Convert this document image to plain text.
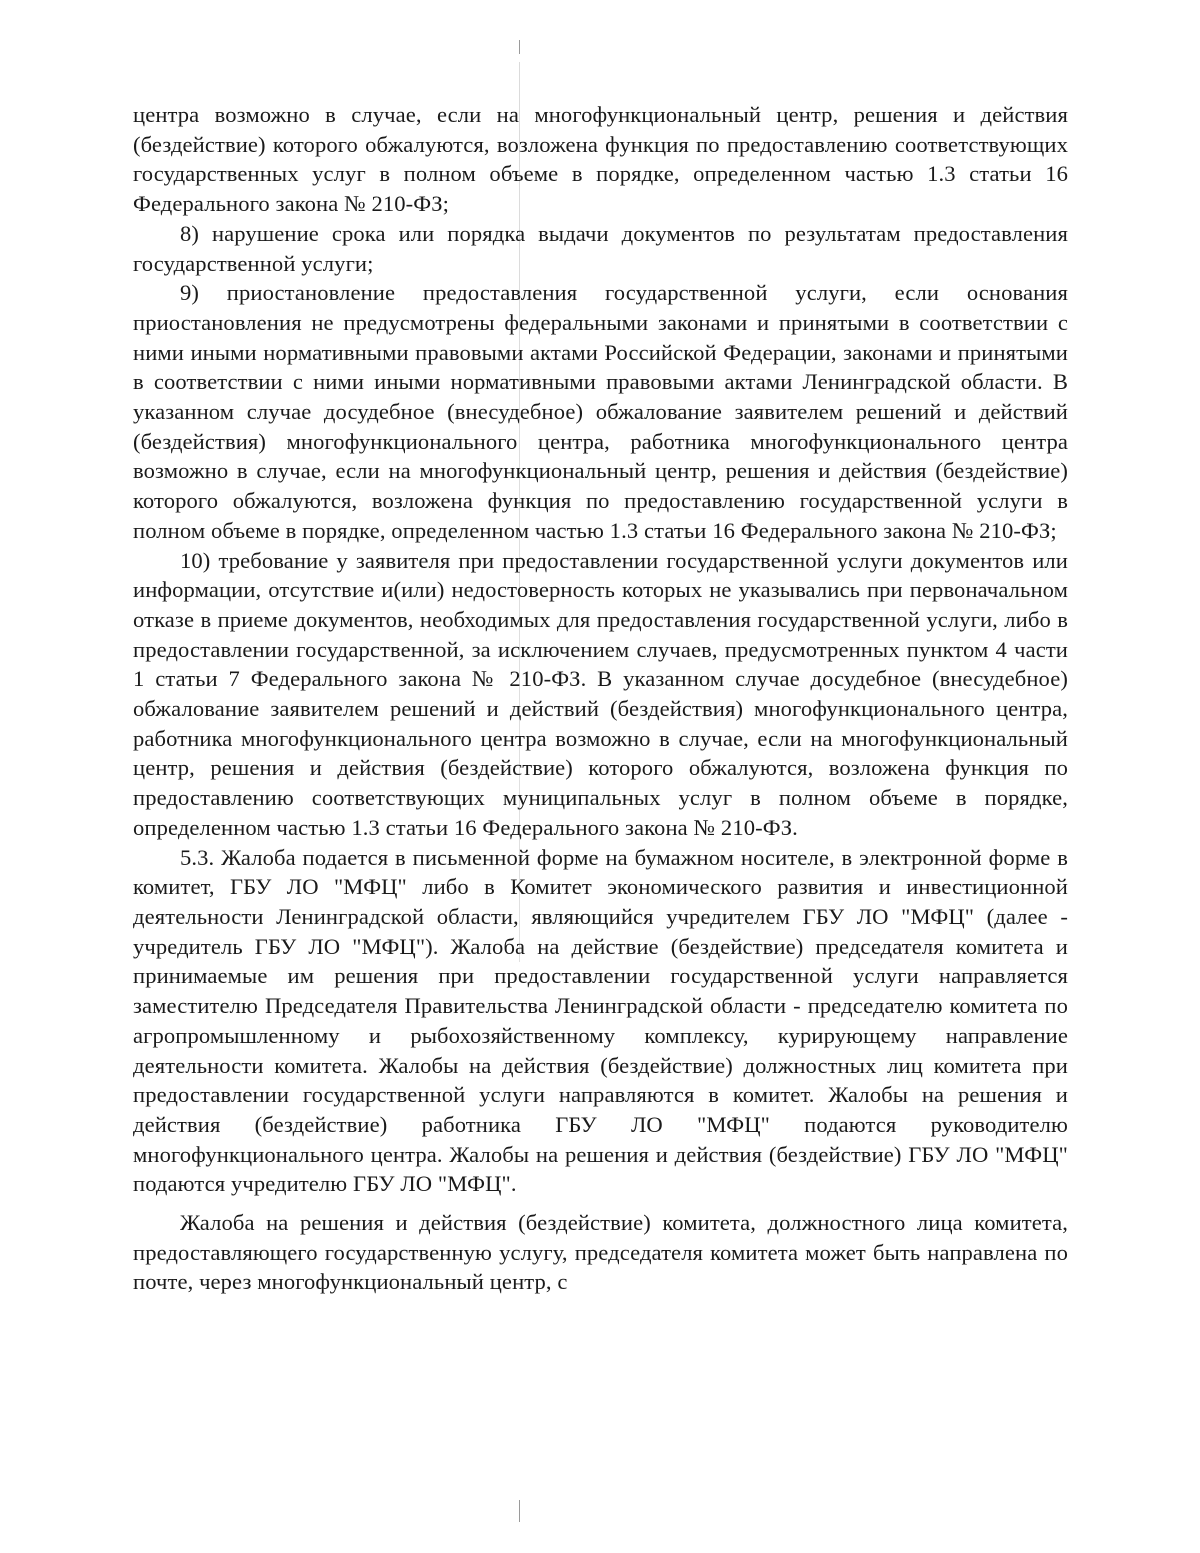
центра возможно в случае, если на многофункциональный центр, решения и действия (бездействие) которого обжалуются, возложена функция по предоставлению соответствующих государственных услуг в полном объеме в порядке, определенном частью 1.3 статьи 16 Федерального закона № 210-ФЗ;

8) нарушение срока или порядка выдачи документов по результатам предоставления государственной услуги;

9) приостановление предоставления государственной услуги, если основания приостановления не предусмотрены федеральными законами и принятыми в соответствии с ними иными нормативными правовыми актами Российской Федерации, законами и принятыми в соответствии с ними иными нормативными правовыми актами Ленинградской области. В указанном случае досудебное (внесудебное) обжалование заявителем решений и действий (бездействия) многофункционального центра, работника многофункционального центра возможно в случае, если на многофункциональный центр, решения и действия (бездействие) которого обжалуются, возложена функция по предоставлению государственной услуги в полном объеме в порядке, определенном частью 1.3 статьи 16 Федерального закона № 210-ФЗ;

10) требование у заявителя при предоставлении государственной услуги документов или информации, отсутствие и(или) недостоверность которых не указывались при первоначальном отказе в приеме документов, необходимых для предоставления государственной услуги, либо в предоставлении государственной, за исключением случаев, предусмотренных пунктом 4 части 1 статьи 7 Федерального закона № 210-ФЗ. В указанном случае досудебное (внесудебное) обжалование заявителем решений и действий (бездействия) многофункционального центра, работника многофункционального центра возможно в случае, если на многофункциональный центр, решения и действия (бездействие) которого обжалуются, возложена функция по предоставлению соответствующих муниципальных услуг в полном объеме в порядке, определенном частью 1.3 статьи 16 Федерального закона № 210-ФЗ.

5.3. Жалоба подается в письменной форме на бумажном носителе, в электронной форме в комитет, ГБУ ЛО "МФЦ" либо в Комитет экономического развития и инвестиционной деятельности Ленинградской области, являющийся учредителем ГБУ ЛО "МФЦ" (далее - учредитель ГБУ ЛО "МФЦ"). Жалоба на действие (бездействие) председателя комитета и принимаемые им решения при предоставлении государственной услуги направляется заместителю Председателя Правительства Ленинградской области - председателю комитета по агропромышленному и рыбохозяйственному комплексу, курирующему направление деятельности комитета. Жалобы на действия (бездействие) должностных лиц комитета при предоставлении государственной услуги направляются в комитет. Жалобы на решения и действия (бездействие) работника ГБУ ЛО "МФЦ" подаются руководителю многофункционального центра. Жалобы на решения и действия (бездействие) ГБУ ЛО "МФЦ" подаются учредителю ГБУ ЛО "МФЦ".

Жалоба на решения и действия (бездействие) комитета, должностного лица комитета, предоставляющего государственную услугу, председателя комитета может быть направлена по почте, через многофункциональный центр, с
